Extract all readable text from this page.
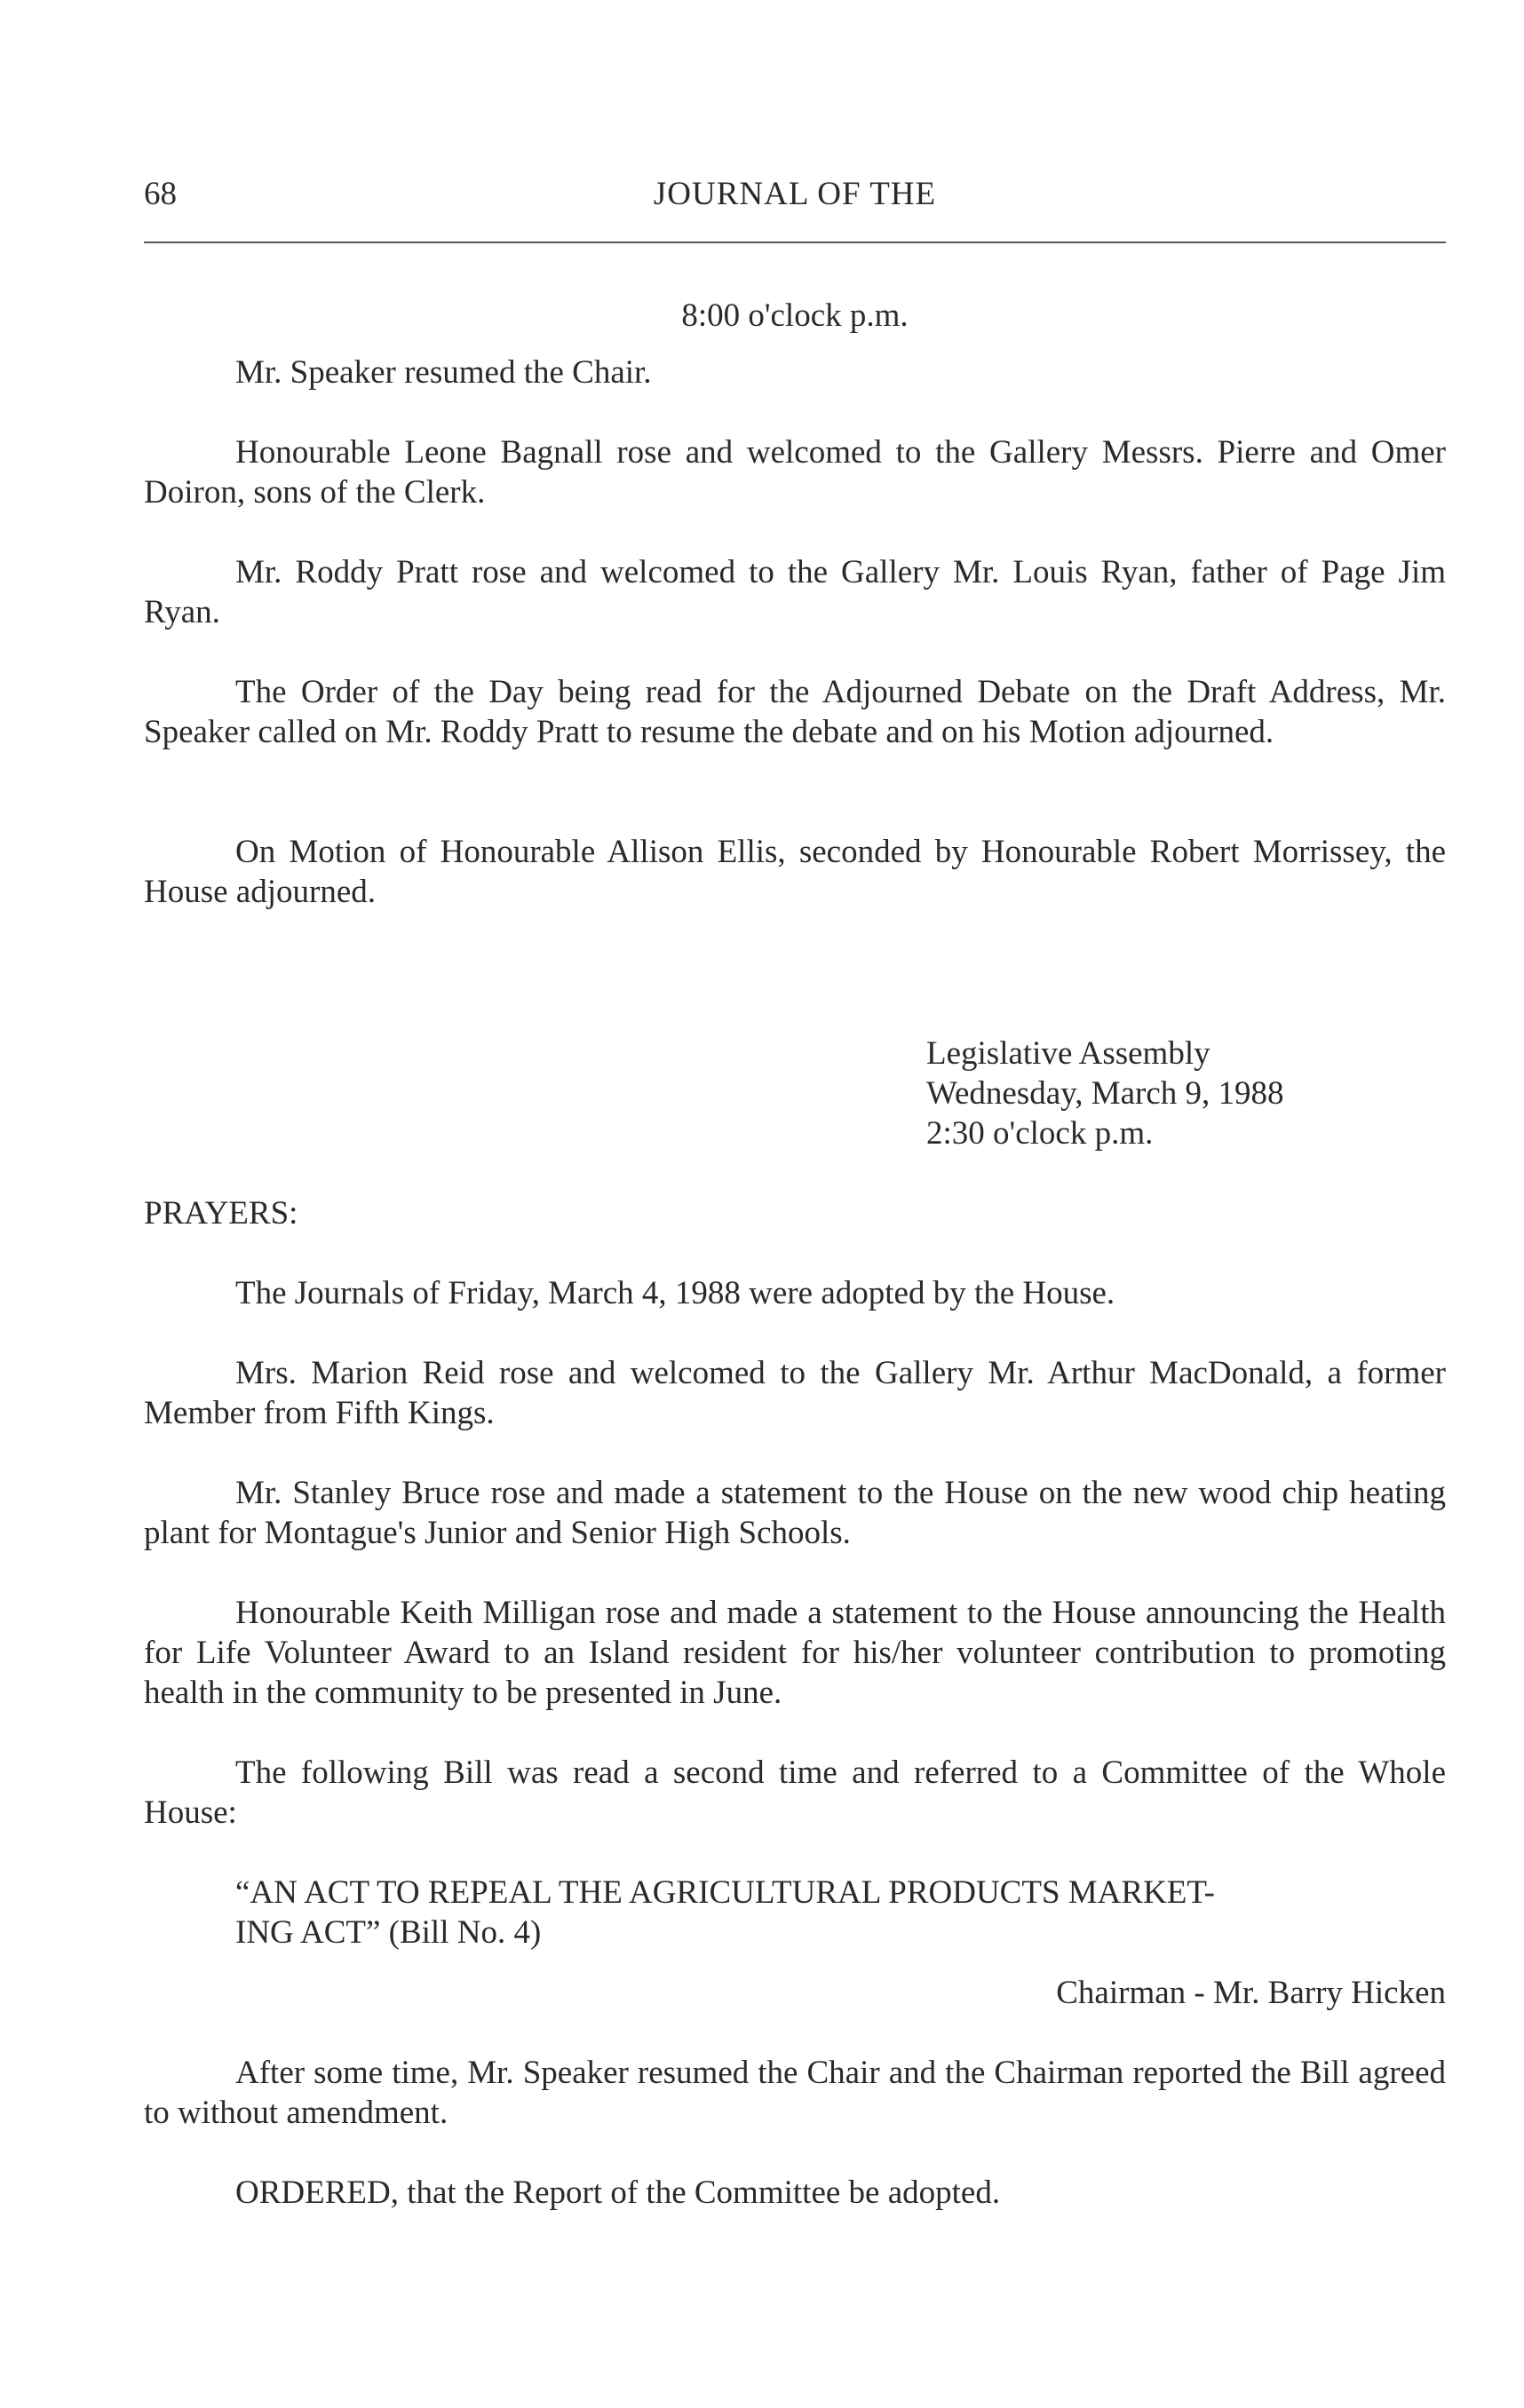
68	JOURNAL OF THE

8:00 o'clock p.m.

Mr. Speaker resumed the Chair.

Honourable Leone Bagnall rose and welcomed to the Gallery Messrs. Pierre and Omer Doiron, sons of the Clerk.

Mr. Roddy Pratt rose and welcomed to the Gallery Mr. Louis Ryan, father of Page Jim Ryan.

The Order of the Day being read for the Adjourned Debate on the Draft Address, Mr. Speaker called on Mr. Roddy Pratt to resume the debate and on his Motion adjourned.

On Motion of Honourable Allison Ellis, seconded by Honourable Robert Morrissey, the House adjourned.

Legislative Assembly
Wednesday, March 9, 1988
2:30 o'clock p.m.

PRAYERS:

The Journals of Friday, March 4, 1988 were adopted by the House.

Mrs. Marion Reid rose and welcomed to the Gallery Mr. Arthur MacDonald, a former Member from Fifth Kings.

Mr. Stanley Bruce rose and made a statement to the House on the new wood chip heating plant for Montague's Junior and Senior High Schools.

Honourable Keith Milligan rose and made a statement to the House announcing the Health for Life Volunteer Award to an Island resident for his/her volunteer contribution to promoting health in the community to be presented in June.

The following Bill was read a second time and referred to a Committee of the Whole House:

“AN ACT TO REPEAL THE AGRICULTURAL PRODUCTS MARKET-
ING ACT” (Bill No. 4)

Chairman - Mr. Barry Hicken

After some time, Mr. Speaker resumed the Chair and the Chairman reported the Bill agreed to without amendment.

ORDERED, that the Report of the Committee be adopted.
